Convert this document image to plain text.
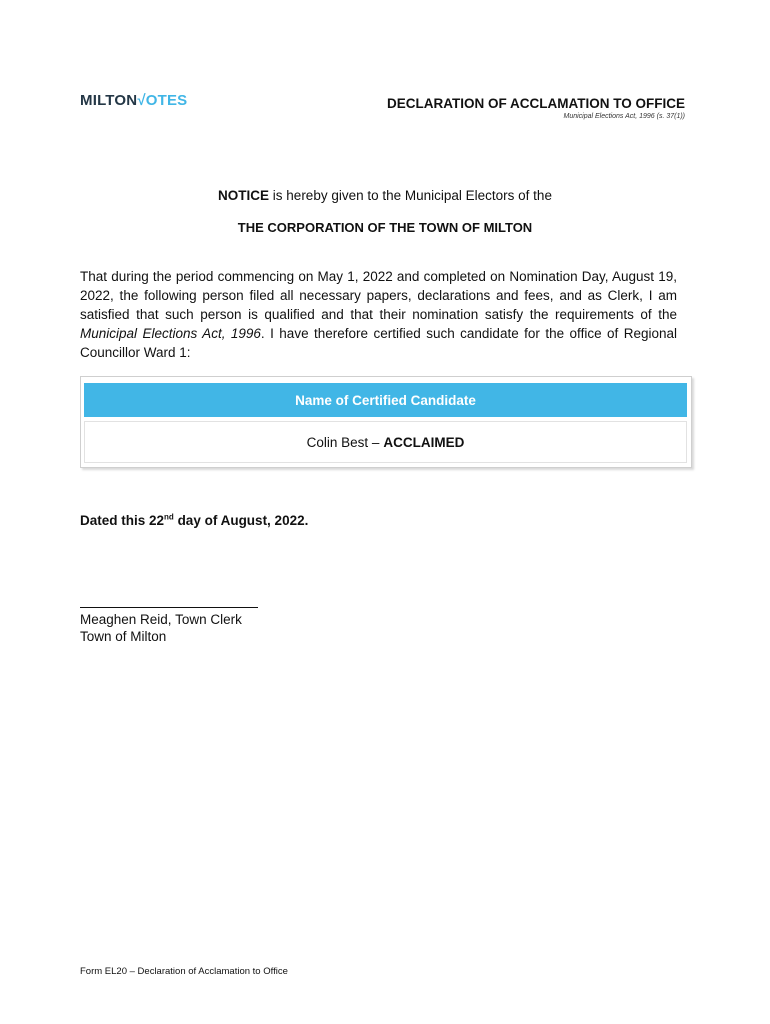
MILTON√OTES	DECLARATION OF ACCLAMATION TO OFFICE
Municipal Elections Act, 1996 (s. 37(1))
NOTICE is hereby given to the Municipal Electors of the
THE CORPORATION OF THE TOWN OF MILTON
That during the period commencing on May 1, 2022 and completed on Nomination Day, August 19, 2022, the following person filed all necessary papers, declarations and fees, and as Clerk, I am satisfied that such person is qualified and that their nomination satisfy the requirements of the Municipal Elections Act, 1996. I have therefore certified such candidate for the office of Regional Councillor Ward 1:
Name of Certified Candidate
Colin Best – ACCLAIMED
Dated this 22nd day of August, 2022.
Meaghen Reid, Town Clerk
Town of Milton
Form EL20 – Declaration of Acclamation to Office
